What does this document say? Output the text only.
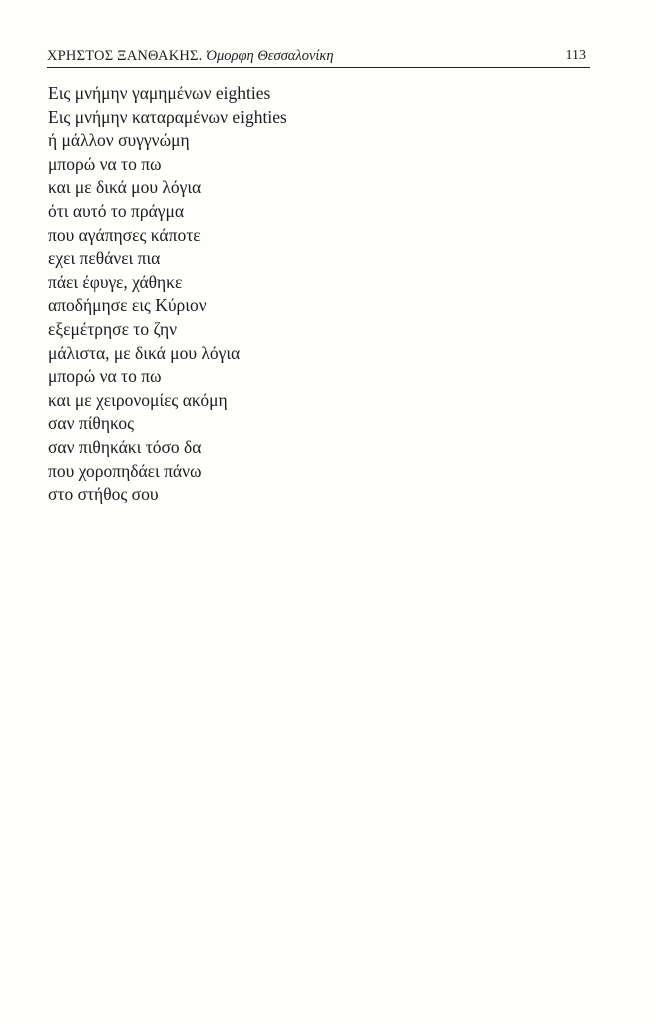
ΧΡΗΣΤΟΣ ΞΑΝΘΑΚΗΣ. Όμορφη Θεσσαλονίκη	113
Εις μνήμην γαμημένων eighties
Εις μνήμην καταραμένων eighties
ή μάλλον συγγνώμη
μπορώ να το πω
και με δικά μου λόγια
ότι αυτό το πράγμα
που αγάπησες κάποτε
εχει πεθάνει πια
πάει έφυγε, χάθηκε
αποδήμησε εις Κύριον
εξεμέτρησε το ζην
μάλιστα, με δικά μου λόγια
μπορώ να το πω
και με χειρονομίες ακόμη
σαν πίθηκος
σαν πιθηκάκι τόσο δα
που χοροπηδάει πάνω
στο στήθος σου
